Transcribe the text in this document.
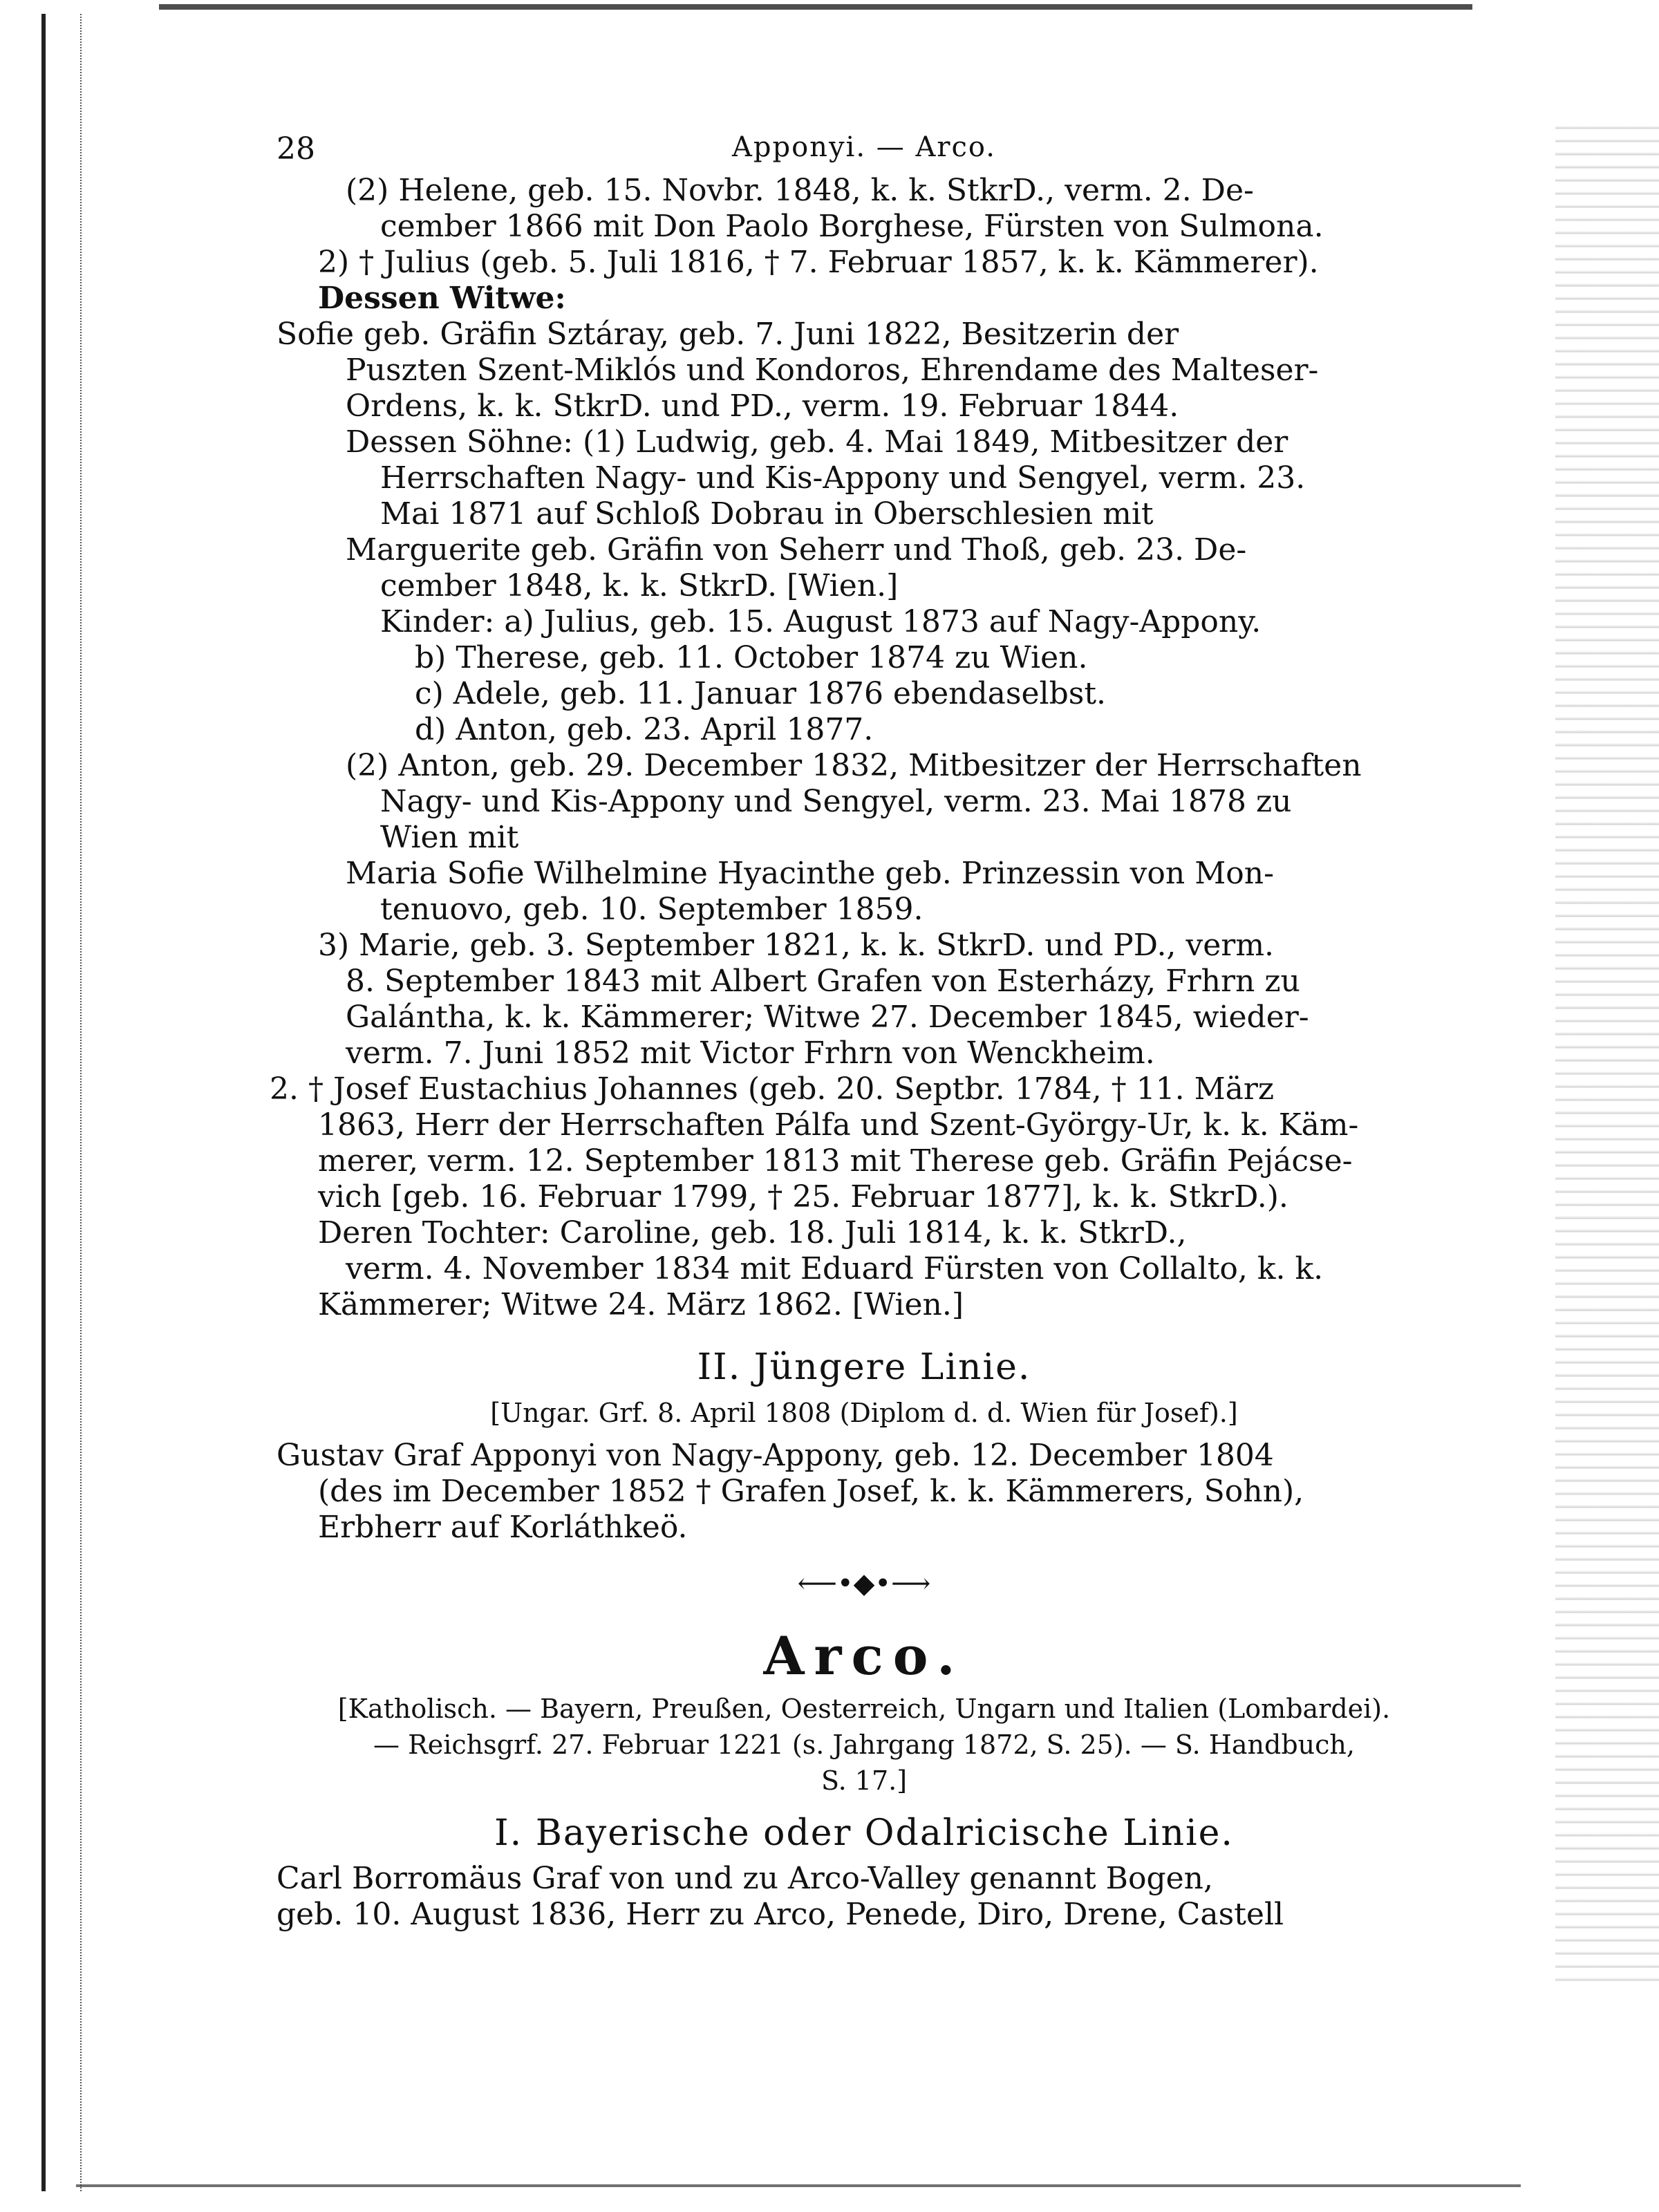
28	Apponyi. — Arco.
(2) Helene, geb. 15. Novbr. 1848, k. k. StkrD., verm. 2. De-
cember 1866 mit Don Paolo Borghese, Fürsten von Sulmona.
2) † Julius (geb. 5. Juli 1816, † 7. Februar 1857, k. k. Kämmerer).
Dessen Witwe:
Sofie geb. Gräfin Sztáray, geb. 7. Juni 1822, Besitzerin der
Puszten Szent-Miklós und Kondoros, Ehrendame des Malteser-
Ordens, k. k. StkrD. und PD., verm. 19. Februar 1844.
Dessen Söhne: (1) Ludwig, geb. 4. Mai 1849, Mitbesitzer der
Herrschaften Nagy- und Kis-Appony und Sengyel, verm. 23.
Mai 1871 auf Schloß Dobrau in Oberschlesien mit
Marguerite geb. Gräfin von Seherr und Thoß, geb. 23. De-
cember 1848, k. k. StkrD. [Wien.]
Kinder: a) Julius, geb. 15. August 1873 auf Nagy-Appony.
b) Therese, geb. 11. October 1874 zu Wien.
c) Adele, geb. 11. Januar 1876 ebendaselbst.
d) Anton, geb. 23. April 1877.
(2) Anton, geb. 29. December 1832, Mitbesitzer der Herrschaften
Nagy- und Kis-Appony und Sengyel, verm. 23. Mai 1878 zu
Wien mit
Maria Sofie Wilhelmine Hyacinthe geb. Prinzessin von Mon-
tenuovo, geb. 10. September 1859.
3) Marie, geb. 3. September 1821, k. k. StkrD. und PD., verm.
8. September 1843 mit Albert Grafen von Esterházy, Frhrn zu
Galántha, k. k. Kämmerer; Witwe 27. December 1845, wieder-
verm. 7. Juni 1852 mit Victor Frhrn von Wenckheim.
2. † Josef Eustachius Johannes (geb. 20. Septbr. 1784, † 11. März
1863, Herr der Herrschaften Pálfa und Szent-György-Ur, k. k. Käm-
merer, verm. 12. September 1813 mit Therese geb. Gräfin Pejácse-
vich [geb. 16. Februar 1799, † 25. Februar 1877], k. k. StkrD.).
Deren Tochter: Caroline, geb. 18. Juli 1814, k. k. StkrD.,
verm. 4. November 1834 mit Eduard Fürsten von Collalto, k. k.
Kämmerer; Witwe 24. März 1862. [Wien.]
II. Jüngere Linie.
[Ungar. Grf. 8. April 1808 (Diplom d. d. Wien für Josef).]
Gustav Graf Apponyi von Nagy-Appony, geb. 12. December 1804
(des im December 1852 † Grafen Josef, k. k. Kämmerers, Sohn),
Erbherr auf Korláthkeö.
⟵•◆•⟶
Arco.
[Katholisch. — Bayern, Preußen, Oesterreich, Ungarn und Italien (Lombardei).
— Reichsgrf. 27. Februar 1221 (s. Jahrgang 1872, S. 25). — S. Handbuch,
S. 17.]
I. Bayerische oder Odalricische Linie.
Carl Borromäus Graf von und zu Arco-Valley genannt Bogen,
geb. 10. August 1836, Herr zu Arco, Penede, Diro, Drene, Castell
